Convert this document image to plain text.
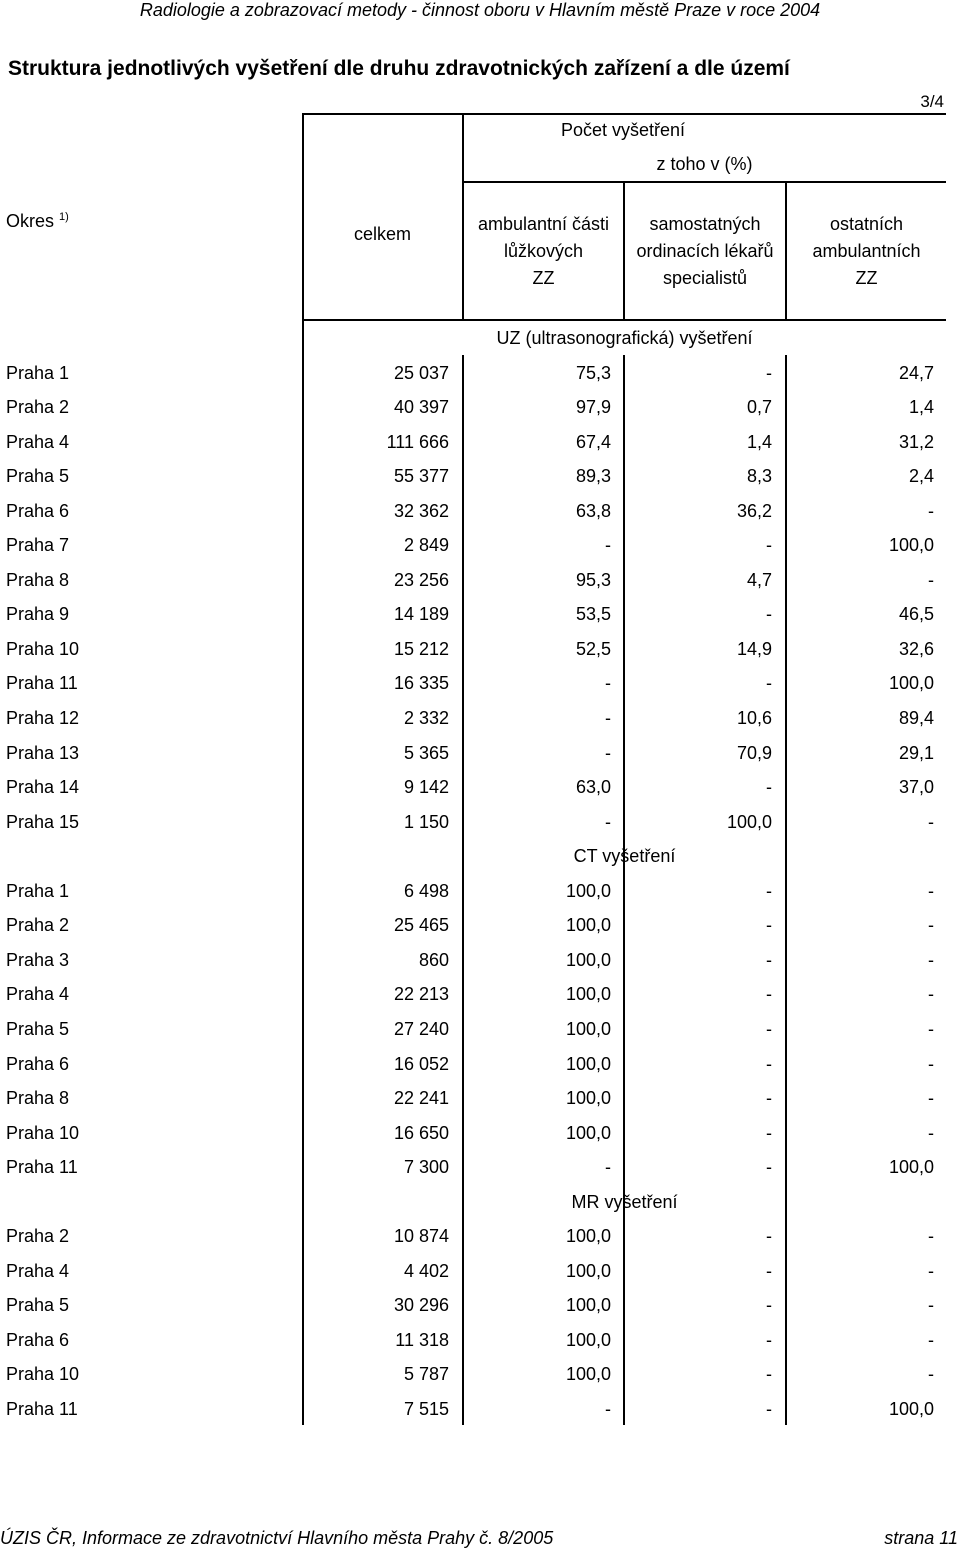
Radiologie a zobrazovací metody - činnost oboru v Hlavním městě Praze v roce 2004
Struktura jednotlivých vyšetření dle druhu zdravotnických zařízení a dle území
3/4
Okres $^{1)}$
Počet vyšetření
z toho v (%)
celkem	ambulantní části
lůžkových
ZZ
samostatných
ordinacích lékařů
specialistů
ostatních
ambulantních
ZZ
UZ (ultrasonografická) vyšetření
Praha 1	25 037	75,3	-	24,7
Praha 2	40 397	97,9	0,7	1,4
Praha 4	111 666	67,4	1,4	31,2
Praha 5	55 377	89,3	8,3	2,4
Praha 6	32 362	63,8	36,2	-
Praha 7	2 849	-	-	100,0
Praha 8	23 256	95,3	4,7	-
Praha 9	14 189	53,5	-	46,5
Praha 10	15 212	52,5	14,9	32,6
Praha 11	16 335	-	-	100,0
Praha 12	2 332	-	10,6	89,4
Praha 13	5 365	-	70,9	29,1
Praha 14	9 142	63,0	-	37,0
Praha 15	1 150	-	100,0	-
CT vyšetření
Praha 1	6 498	100,0	-	-
Praha 2	25 465	100,0	-	-
Praha 3	860	100,0	-	-
Praha 4	22 213	100,0	-	-
Praha 5	27 240	100,0	-	-
Praha 6	16 052	100,0	-	-
Praha 8	22 241	100,0	-	-
Praha 10	16 650	100,0	-	-
Praha 11	7 300	-	-	100,0
MR vyšetření
Praha 2	10 874	100,0	-	-
Praha 4	4 402	100,0	-	-
Praha 5	30 296	100,0	-	-
Praha 6	11 318	100,0	-	-
Praha 10	5 787	100,0	-	-
Praha 11	7 515	-	-	100,0
ÚZIS ČR, Informace ze zdravotnictví Hlavního města Prahy č. 8/2005	strana 11
